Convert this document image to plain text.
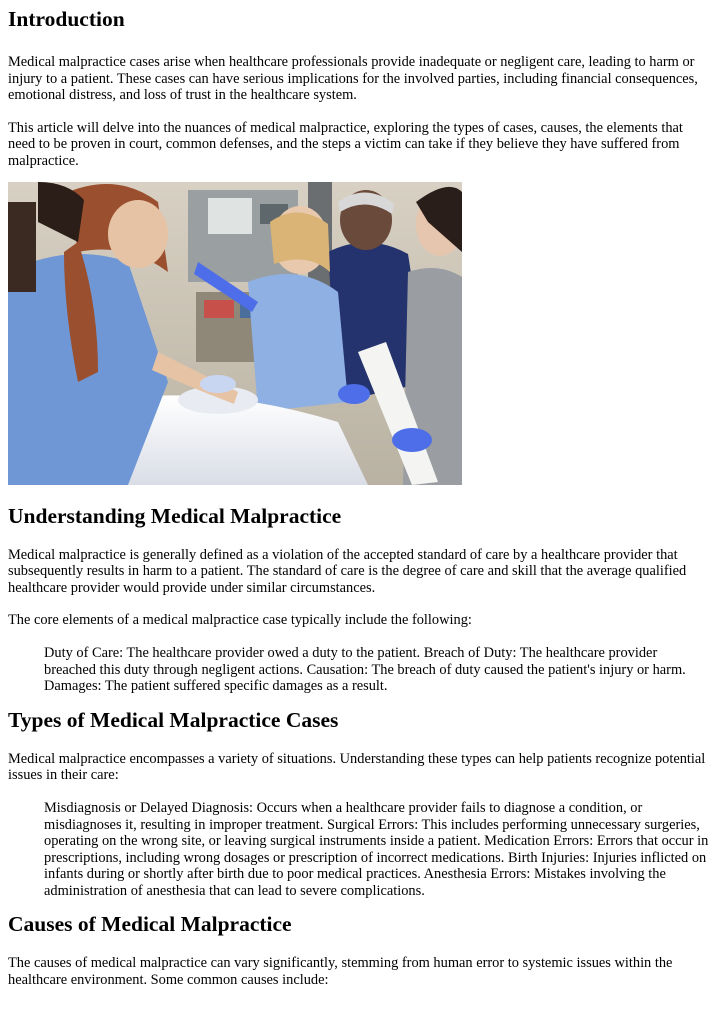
Introduction

Medical malpractice cases arise when healthcare professionals provide inadequate or negligent care, leading to harm or injury to a patient. These cases can have serious implications for the involved parties, including financial consequences, emotional distress, and loss of trust in the healthcare system.

This article will delve into the nuances of medical malpractice, exploring the types of cases, causes, the elements that need to be proven in court, common defenses, and the steps a victim can take if they believe they have suffered from malpractice.

Understanding Medical Malpractice

Medical malpractice is generally defined as a violation of the accepted standard of care by a healthcare provider that subsequently results in harm to a patient. The standard of care is the degree of care and skill that the average qualified healthcare provider would provide under similar circumstances.

The core elements of a medical malpractice case typically include the following:

Duty of Care: The healthcare provider owed a duty to the patient. Breach of Duty: The healthcare provider breached this duty through negligent actions. Causation: The breach of duty caused the patient's injury or harm. Damages: The patient suffered specific damages as a result.

Types of Medical Malpractice Cases

Medical malpractice encompasses a variety of situations. Understanding these types can help patients recognize potential issues in their care:

Misdiagnosis or Delayed Diagnosis: Occurs when a healthcare provider fails to diagnose a condition, or misdiagnoses it, resulting in improper treatment. Surgical Errors: This includes performing unnecessary surgeries, operating on the wrong site, or leaving surgical instruments inside a patient. Medication Errors: Errors that occur in prescriptions, including wrong dosages or prescription of incorrect medications. Birth Injuries: Injuries inflicted on infants during or shortly after birth due to poor medical practices. Anesthesia Errors: Mistakes involving the administration of anesthesia that can lead to severe complications.

Causes of Medical Malpractice

The causes of medical malpractice can vary significantly, stemming from human error to systemic issues within the healthcare environment. Some common causes include:
